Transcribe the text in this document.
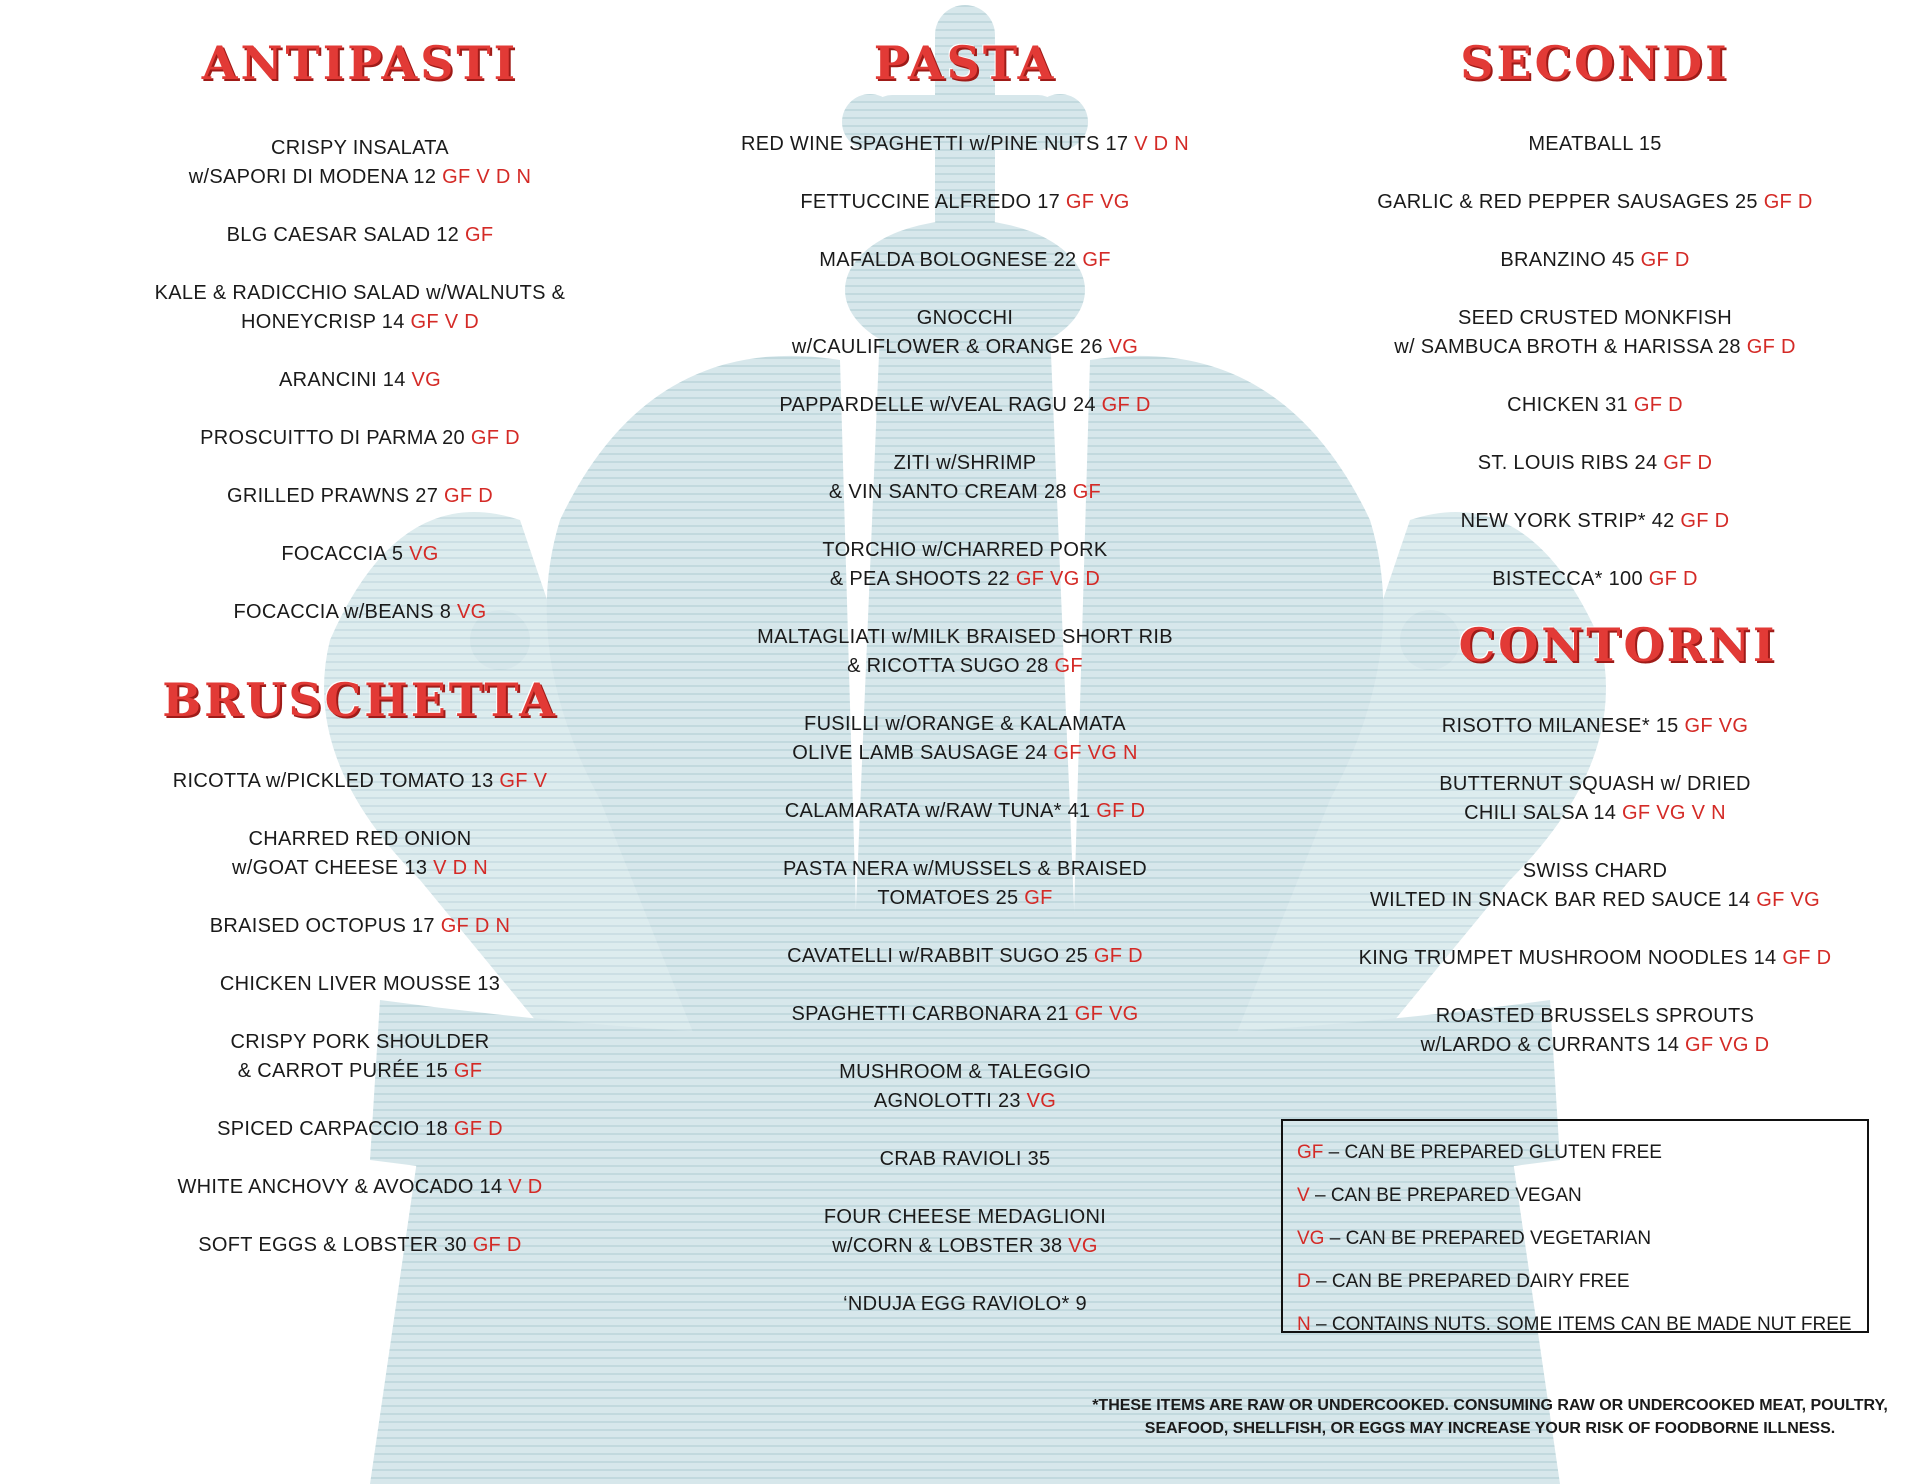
ANTIPASTI
CRISPY INSALATA
w/SAPORI DI MODENA 12 GF V D N
BLG CAESAR SALAD 12 GF
KALE & RADICCHIO SALAD w/WALNUTS &
HONEYCRISP 14 GF V D
ARANCINI 14 VG
PROSCUITTO DI PARMA 20 GF D
GRILLED PRAWNS 27 GF D
FOCACCIA 5 VG
FOCACCIA w/BEANS 8 VG
BRUSCHETTA
RICOTTA w/PICKLED TOMATO 13 GF V
CHARRED RED ONION
w/GOAT CHEESE 13 V D N
BRAISED OCTOPUS 17 GF D N
CHICKEN LIVER MOUSSE 13
CRISPY PORK SHOULDER
& CARROT PURÉE 15 GF
SPICED CARPACCIO 18 GF D
WHITE ANCHOVY & AVOCADO 14 V D
SOFT EGGS & LOBSTER 30 GF D
PASTA
RED WINE SPAGHETTI w/PINE NUTS 17 V D N
FETTUCCINE ALFREDO 17 GF VG
MAFALDA BOLOGNESE 22 GF
GNOCCHI
w/CAULIFLOWER & ORANGE 26 VG
PAPPARDELLE w/VEAL RAGU 24 GF D
ZITI w/SHRIMP
& VIN SANTO CREAM 28 GF
TORCHIO w/CHARRED PORK
& PEA SHOOTS 22 GF VG D
MALTAGLIATI w/MILK BRAISED SHORT RIB
& RICOTTA SUGO 28 GF
FUSILLI w/ORANGE & KALAMATA
OLIVE LAMB SAUSAGE 24 GF VG N
CALAMARATA w/RAW TUNA* 41 GF D
PASTA NERA w/MUSSELS & BRAISED
TOMATOES 25 GF
CAVATELLI w/RABBIT SUGO 25 GF D
SPAGHETTI CARBONARA 21 GF VG
MUSHROOM & TALEGGIO
AGNOLOTTI 23 VG
CRAB RAVIOLI 35
FOUR CHEESE MEDAGLIONI
w/CORN & LOBSTER 38 VG
‘NDUJA EGG RAVIOLO* 9
SECONDI
MEATBALL 15
GARLIC & RED PEPPER SAUSAGES 25 GF D
BRANZINO 45 GF D
SEED CRUSTED MONKFISH
w/ SAMBUCA BROTH & HARISSA 28 GF D
CHICKEN 31 GF D
ST. LOUIS RIBS 24 GF D
NEW YORK STRIP* 42 GF D
BISTECCA* 100 GF D
CONTORNI
RISOTTO MILANESE* 15 GF VG
BUTTERNUT SQUASH w/ DRIED
CHILI SALSA 14 GF VG V N
SWISS CHARD
WILTED IN SNACK BAR RED SAUCE 14 GF VG
KING TRUMPET MUSHROOM NOODLES 14 GF D
ROASTED BRUSSELS SPROUTS
w/LARDO & CURRANTS 14 GF VG D
GF – CAN BE PREPARED GLUTEN FREE
V – CAN BE PREPARED VEGAN
VG – CAN BE PREPARED VEGETARIAN
D – CAN BE PREPARED DAIRY FREE
N – CONTAINS NUTS. SOME ITEMS CAN BE MADE NUT FREE
*THESE ITEMS ARE RAW OR UNDERCOOKED. CONSUMING RAW OR UNDERCOOKED MEAT, POULTRY,
SEAFOOD, SHELLFISH, OR EGGS MAY INCREASE YOUR RISK OF FOODBORNE ILLNESS.
